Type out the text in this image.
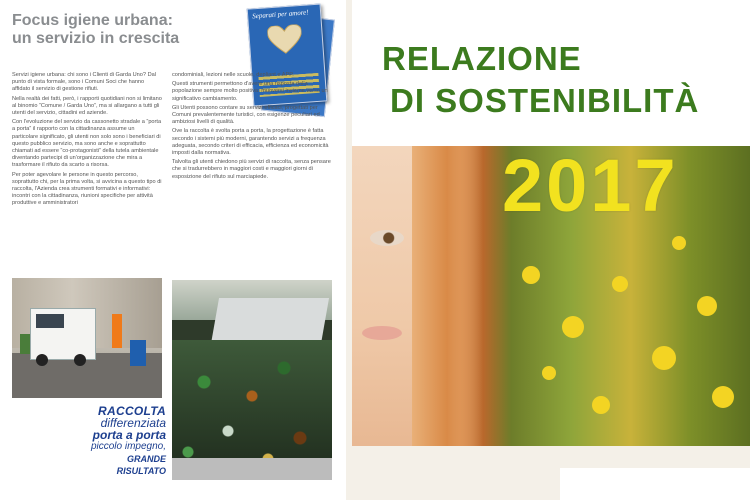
Focus igiene urbana:
un servizio in crescita
Separati per amore!

Servizi igiene urbana: chi sono i Clienti di Garda Uno? Dal punto di vista formale, sono i Comuni Soci che hanno affidato il servizio di gestione rifiuti.

Nella realtà dei fatti, però, i rapporti quotidiani non si limitano al binomio “Comune / Garda Uno”, ma si allargano a tutti gli utenti del servizio, cittadini ed aziende.

Con l'evoluzione del servizio da cassonetto stradale a “porta a porta” il rapporto con la cittadinanza assume un particolare significato, gli utenti non solo sono i beneficiari di questo pubblico servizio, ma sono anche e soprattutto chiamati ad essere “co-protagonisti” della tutela ambientale diventando partecipi di un'organizzazione che mira a trasformare il rifiuto da scarto a risorsa.

Per poter agevolare le persone in questo percorso, soprattutto chi, per la prima volta, si avvicina a questo tipo di raccolta, l'Azienda crea strumenti formativi e informativi: incontri con la cittadinanza, riunioni specifiche per attività produttive e amministratori

condominiali, lezioni nelle scuole, depliant e APP.

Questi strumenti permettono d'avere una risposta dalla popolazione sempre molto positiva: muoversi insieme verso un significativo cambiamento.

Gli Utenti possono contare su servizi efficaci, progettati per Comuni prevalentemente turistici, con esigenze peculiari ed ambiziosi livelli di qualità.

Ove la raccolta è svolta porta a porta, la progettazione è fatta secondo i sistemi più moderni, garantendo servizi a frequenza adeguata, secondo criteri di efficacia, efficienza ed economicità imposti dalla normativa.

Talvolta gli utenti chiedono più servizi di raccolta, senza pensare che si tradurrebbero in maggiori costi e maggiori giorni di esposizione del rifiuto sul marciapiede.

RACCOLTA
differenziata
porta a porta
piccolo impegno,
GRANDE RISULTATO
RELAZIONE
DI SOSTENIBILITÀ
2017
